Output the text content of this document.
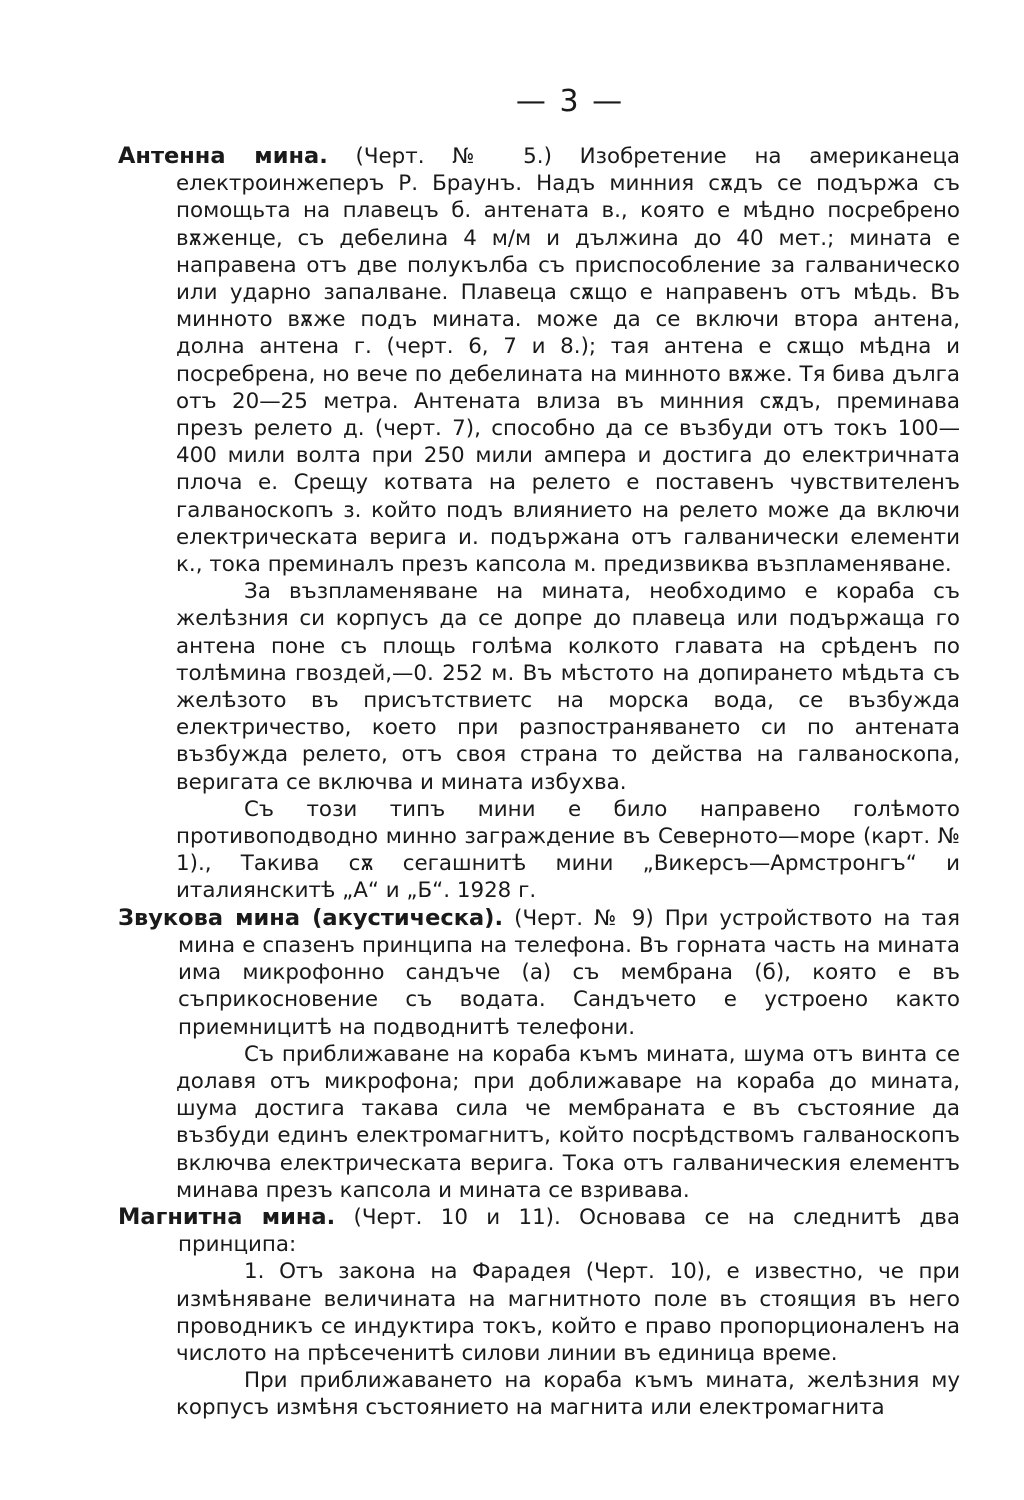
— 3 —

Антенна мина. (Черт. № 5.) Изобретение на американеца електроинжеперъ Р. Браунъ. Надъ минния сѫдъ се подържа съ помощьта на плавецъ б. антената в., която е мѣдно посребрено вѫженце, съ дебелина 4 м/м и дължина до 40 мет.; мината е направена отъ две полукълба съ приспособление за галваническо или ударно запалване. Плавеца сѫщо е направенъ отъ мѣдь. Въ минното вѫже подъ мината. може да се включи втора антена, долна антена г. (черт. 6, 7 и 8.); тая антена е сѫщо мѣдна и посребрена, но вече по дебелината на минното вѫже. Тя бива дълга отъ 20—25 метра. Антената влиза въ минния сѫдъ, преминава презъ релето д. (черт. 7), способно да се възбуди отъ токъ 100—400 мили волта при 250 мили ампера и достига до електричната плоча е. Срещу котвата на релето е поставенъ чувствителенъ галваноскопъ з. който подъ влиянието на релето може да включи електрическата верига и. подържана отъ галванически елементи к., тока преминалъ презъ капсола м. предизвиква възпламеняване.

За възпламеняване на мината, необходимо е кораба съ желѣзния си корпусъ да се допре до плавеца или подържаща го антена поне съ площь голѣма колкото главата на срѣденъ по толѣмина гвоздей,—0. 252 м. Въ мѣстото на допирането мѣдьта съ желѣзото въ присътствиетс на морска вода, се възбужда електричество, което при разпостраняването си по антената възбужда релето, отъ своя страна то действа на галваноскопа, веригата се включва и мината избухва.

Съ този типъ мини е било направено голѣмото противоподводно минно заграждение въ Северното—море (карт. № 1)., Такива сѫ сегашнитѣ мини „Викерсъ—Армстронгъ“ и италиянскитѣ „А“ и „Б“. 1928 г.

Звукова мина (акустическа). (Черт. № 9) При устройството на тая мина е спазенъ принципа на телефона. Въ горната часть на мината има микрофонно сандъче (а) съ мембрана (б), която е въ съприкосновение съ водата. Сандъчето е устроено както приемницитѣ на подводнитѣ телефони.

Съ приближаване на кораба къмъ мината, шума отъ винта се долавя отъ микрофона; при доближаваре на кораба до мината, шума достига такава сила че мембраната е въ състояние да възбуди единъ електромагнитъ, който посрѣдствомъ галваноскопъ включва електрическата верига. Тока отъ галваническия елементъ минава презъ капсола и мината се взривава.

Магнитна мина. (Черт. 10 и 11). Основава се на следнитѣ два принципа:

1. Отъ закона на Фарадея (Черт. 10), е известно, че при измѣняване величината на магнитното поле въ стоящия въ него проводникъ се индуктира токъ, който е право пропорционаленъ на числото на прѣсеченитѣ силови линии въ единица време.

При приближаването на кораба къмъ мината, желѣзния му корпусъ измѣня състоянието на магнита или електромагнита
